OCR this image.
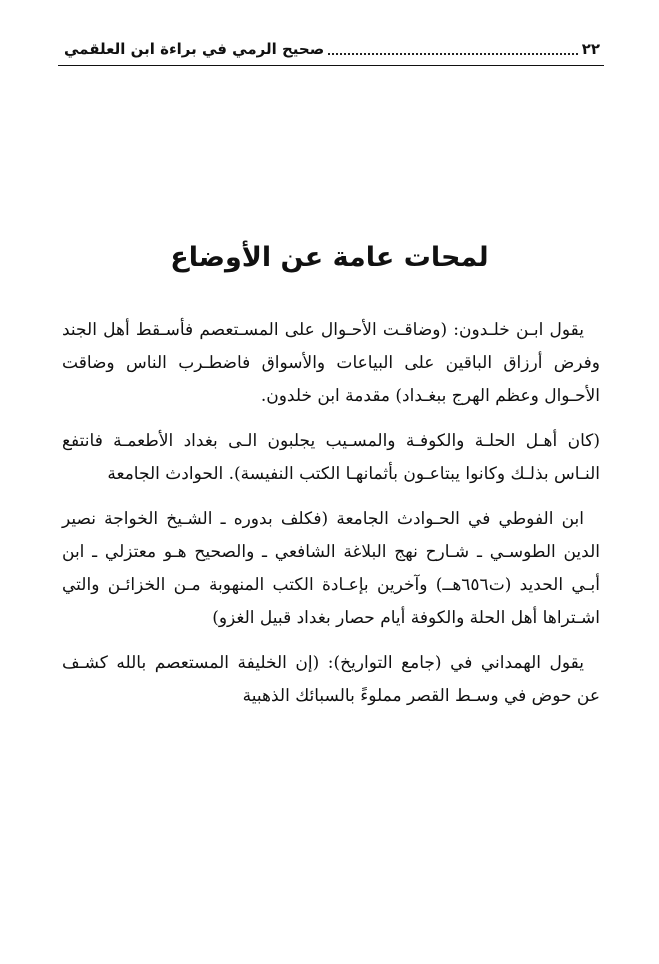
٢٢
صحيح الرمي في براءة ابن العلقمي
لمحات عامة عن الأوضاع

يقول ابـن خلـدون: (وضاقـت الأحـوال على المسـتعصم فأسـقط أهل الجند وفرض أرزاق الباقين على البياعات والأسواق فاضطـرب الناس وضاقت الأحـوال وعظم الهرج ببغـداد) مقدمة ابن خلدون.

(كان أهـل الحلـة والكوفـة والمسـيب يجلبون الـى بغداد الأطعمـة فانتفع النـاس بذلـك وكانوا يبتاعـون بأثمانهـا الكتب النفيسة). الحوادث الجامعة

ابن الفوطي في الحـوادث الجامعة (فكلف بدوره ـ الشـيخ الخواجة نصير الدين الطوسـي ـ شـارح نهج البلاغة الشافعي ـ والصحيح هـو معتزلي ـ ابن أبـي الحديد (ت٦٥٦هــ) وآخرين بإعـادة الكتب المنهوبة مـن الخزائـن والتي اشـتراها أهل الحلة والكوفة أيام حصار بغداد قبيل الغزو)

يقول الهمداني في (جامع التواريخ): (إن الخليفة المستعصم بالله كشـف عن حوض في وسـط القصر مملوءً بالسبائك الذهبية
